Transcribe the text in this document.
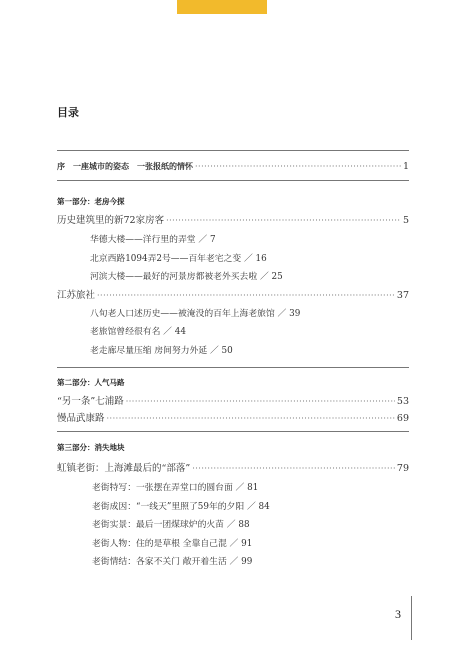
目录
序　一座城市的姿态　一张报纸的情怀 ·····	1
第一部分：老房今探
历史建筑里的新72家房客 ·····	5
华德大楼——洋行里的弄堂 ／ 7
北京西路1094弄2号——百年老宅之变 ／ 16
河滨大楼——最好的河景房都被老外买去啦 ／ 25
江苏旅社 ·····	37
八旬老人口述历史——被淹没的百年上海老旅馆 ／ 39
老旅馆曾经很有名 ／ 44
老走廊尽量压缩 房间努力外延 ／ 50
第二部分：人气马路
“另一条”七浦路 ·····	53
慢品武康路 ·····	69
第三部分：消失地块
虹镇老街：上海滩最后的“部落” ·····	79
老街特写：一张摆在弄堂口的圆台面 ／ 81
老街成因：“一线天”里照了59年的夕阳 ／ 84
老街实景：最后一团煤球炉的火苗 ／ 88
老街人物：住的是草根 全靠自己混 ／ 91
老街情结：各家不关门 敞开着生活 ／ 99
3
